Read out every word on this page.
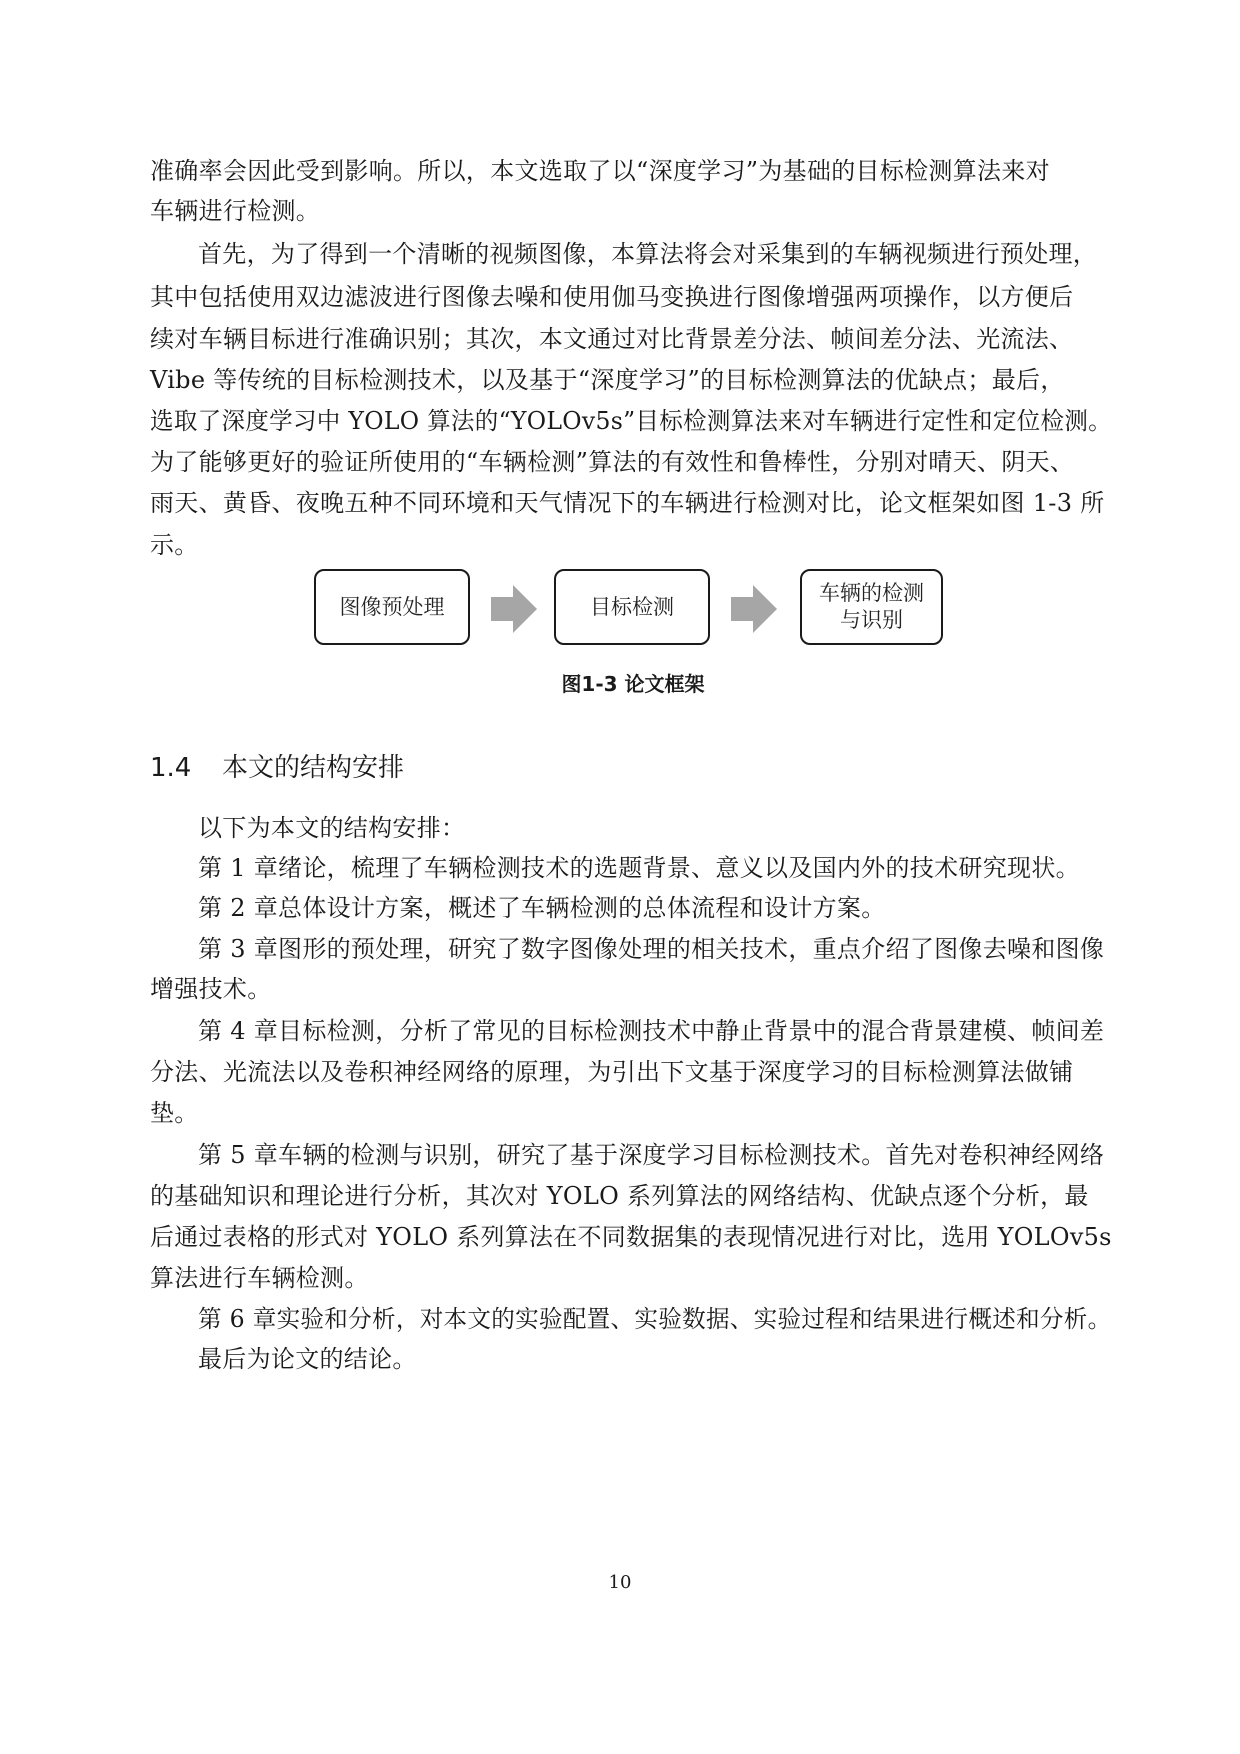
准确率会因此受到影响。所以，本文选取了以“深度学习”为基础的目标检测算法来对
车辆进行检测。
首先，为了得到一个清晰的视频图像，本算法将会对采集到的车辆视频进行预处理，
其中包括使用双边滤波进行图像去噪和使用伽马变换进行图像增强两项操作，以方便后
续对车辆目标进行准确识别；其次，本文通过对比背景差分法、帧间差分法、光流法、
Vibe 等传统的目标检测技术，以及基于“深度学习”的目标检测算法的优缺点；最后，
选取了深度学习中 YOLO 算法的“YOLOv5s”目标检测算法来对车辆进行定性和定位检测。
为了能够更好的验证所使用的“车辆检测”算法的有效性和鲁棒性，分别对晴天、阴天、
雨天、黄昏、夜晚五种不同环境和天气情况下的车辆进行检测对比，论文框架如图 1-3 所
示。
图像预处理	目标检测
车辆的检测
与识别
图1-3 论文框架
1.4 本文的结构安排
以下为本文的结构安排：
第 1 章绪论，梳理了车辆检测技术的选题背景、意义以及国内外的技术研究现状。
第 2 章总体设计方案，概述了车辆检测的总体流程和设计方案。
第 3 章图形的预处理，研究了数字图像处理的相关技术，重点介绍了图像去噪和图像
增强技术。
第 4 章目标检测，分析了常见的目标检测技术中静止背景中的混合背景建模、帧间差
分法、光流法以及卷积神经网络的原理，为引出下文基于深度学习的目标检测算法做铺
垫。
第 5 章车辆的检测与识别，研究了基于深度学习目标检测技术。首先对卷积神经网络
的基础知识和理论进行分析，其次对 YOLO 系列算法的网络结构、优缺点逐个分析，最
后通过表格的形式对 YOLO 系列算法在不同数据集的表现情况进行对比，选用 YOLOv5s
算法进行车辆检测。
第 6 章实验和分析，对本文的实验配置、实验数据、实验过程和结果进行概述和分析。
最后为论文的结论。
10
